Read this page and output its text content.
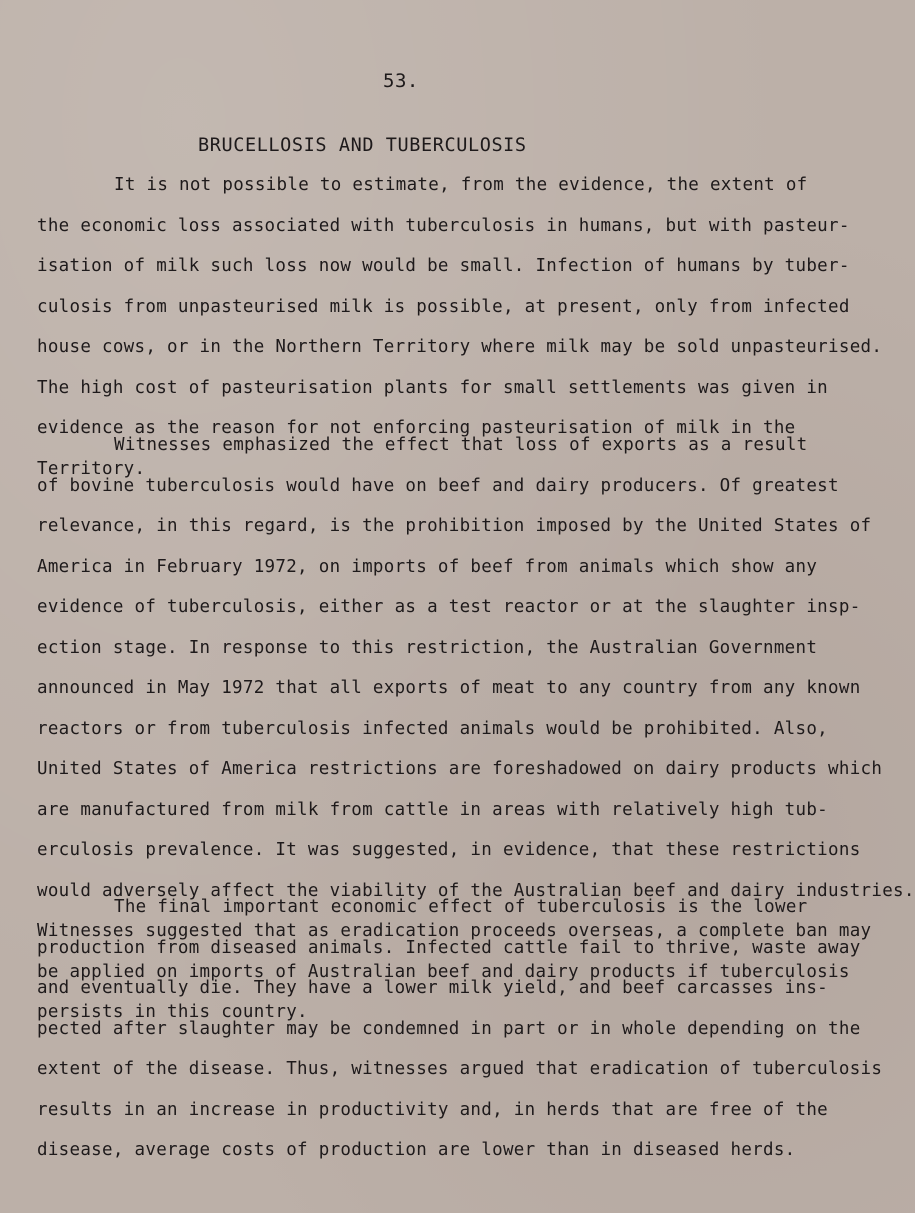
53.
BRUCELLOSIS AND TUBERCULOSIS
It is not possible to estimate, from the evidence, the extent of
the economic loss associated with tuberculosis in humans, but with pasteur-
isation of milk such loss now would be small. Infection of humans by tuber-
culosis from unpasteurised milk is possible, at present, only from infected
house cows, or in the Northern Territory where milk may be sold unpasteurised.
The high cost of pasteurisation plants for small settlements was given in
evidence as the reason for not enforcing pasteurisation of milk in the
Territory.
Witnesses emphasized the effect that loss of exports as a result
of bovine tuberculosis would have on beef and dairy producers. Of greatest
relevance, in this regard, is the prohibition imposed by the United States of
America in February 1972, on imports of beef from animals which show any
evidence of tuberculosis, either as a test reactor or at the slaughter insp-
ection stage. In response to this restriction, the Australian Government
announced in May 1972 that all exports of meat to any country from any known
reactors or from tuberculosis infected animals would be prohibited. Also,
United States of America restrictions are foreshadowed on dairy products which
are manufactured from milk from cattle in areas with relatively high tub-
erculosis prevalence. It was suggested, in evidence, that these restrictions
would adversely affect the viability of the Australian beef and dairy industries.
Witnesses suggested that as eradication proceeds overseas, a complete ban may
be applied on imports of Australian beef and dairy products if tuberculosis
persists in this country.
The final important economic effect of tuberculosis is the lower
production from diseased animals. Infected cattle fail to thrive, waste away
and eventually die. They have a lower milk yield, and beef carcasses ins-
pected after slaughter may be condemned in part or in whole depending on the
extent of the disease. Thus, witnesses argued that eradication of tuberculosis
results in an increase in productivity and, in herds that are free of the
disease, average costs of production are lower than in diseased herds.
